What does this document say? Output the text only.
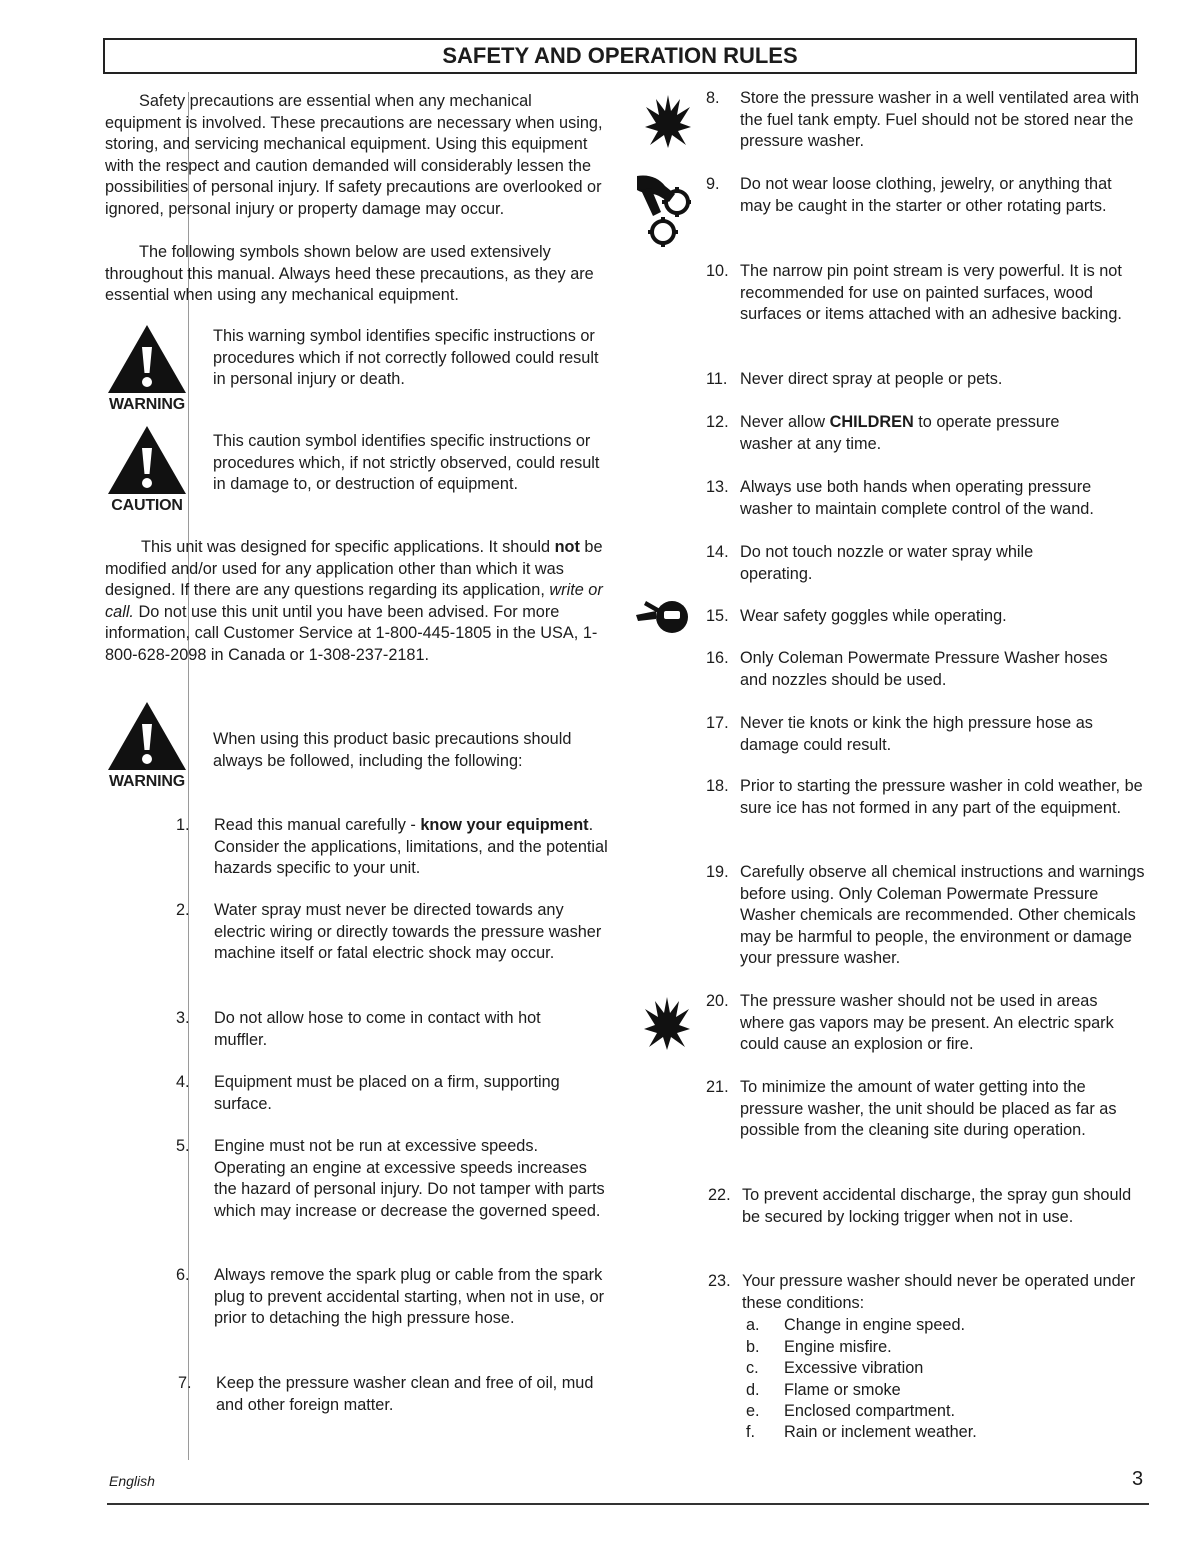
SAFETY AND OPERATION RULES

Safety precautions are essential when any mechanical equipment is involved. These precautions are necessary when using, storing, and servicing mechanical equipment. Using this equipment with the respect and caution demanded will considerably lessen the possibilities of personal injury. If safety precautions are overlooked or ignored, personal injury or property damage may occur.

The following symbols shown below are used extensively throughout this manual. Always heed these precautions, as they are essential when using any mechanical equipment.

WARNING
This warning symbol identifies specific instructions or procedures which if not correctly followed could result in personal injury or death.
CAUTION
This caution symbol identifies specific instructions or procedures which, if not strictly observed, could result in damage to, or destruction of equipment.

This unit was designed for specific applications. It should not be modified and/or used for any application other than which it was designed. If there are any questions regarding its application, write or call. Do not use this unit until you have been advised. For more information, call Customer Service at 1-800-445-1805 in the USA, 1-800-628-2098 in Canada or 1-308-237-2181.

WARNING
When using this product basic precautions should always be followed, including the following:
1.	Read this manual carefully - know your equipment. Consider the applications, limitations, and the potential hazards specific to your unit.
2.	Water spray must never be directed towards any electric wiring or directly towards the pressure washer machine itself or fatal electric shock may occur.
3.	Do not allow hose to come in contact with hot muffler.
4.	Equipment must be placed on a firm, supporting surface.
5.	Engine must not be run at excessive speeds. Operating an engine at excessive speeds increases the hazard of personal injury. Do not tamper with parts which may increase or decrease the governed speed.
6.	Always remove the spark plug or cable from the spark plug to prevent accidental starting, when not in use, or prior to detaching the high pressure hose.
7.	Keep the pressure washer clean and free of oil, mud and other foreign matter.
8.	Store the pressure washer in a well ventilated area with the fuel tank empty. Fuel should not be stored near the pressure washer.
9.	Do not wear loose clothing, jewelry, or anything that may be caught in the starter or other rotating parts.
10. The narrow pin point stream is very powerful. It is not recommended for use on painted surfaces, wood surfaces or items attached with an adhesive backing.
11. Never direct spray at people or pets.
12. Never allow CHILDREN to operate pressure washer at any time.
13. Always use both hands when operating pressure washer to maintain complete control of the wand.
14. Do not touch nozzle or water spray while operating.
15. Wear safety goggles while operating.
16. Only Coleman Powermate Pressure Washer hoses and nozzles should be used.
17. Never tie knots or kink the high pressure hose as damage could result.
18. Prior to starting the pressure washer in cold weather, be sure ice has not formed in any part of the equipment.
19. Carefully observe all chemical instructions and warnings before using. Only Coleman Powermate Pressure Washer chemicals are recommended. Other chemicals may be harmful to people, the environment or damage your pressure washer.
20. The pressure washer should not be used in areas where gas vapors may be present. An electric spark could cause an explosion or fire.
21. To minimize the amount of water getting into the pressure washer, the unit should be placed as far as possible from the cleaning site during operation.
22. To prevent accidental discharge, the spray gun should be secured by locking trigger when not in use.
23. Your pressure washer should never be operated under these conditions:
a. Change in engine speed.
b. Engine misfire.
c. Excessive vibration
d. Flame or smoke
e. Enclosed compartment.
f. Rain or inclement weather.
English	3
